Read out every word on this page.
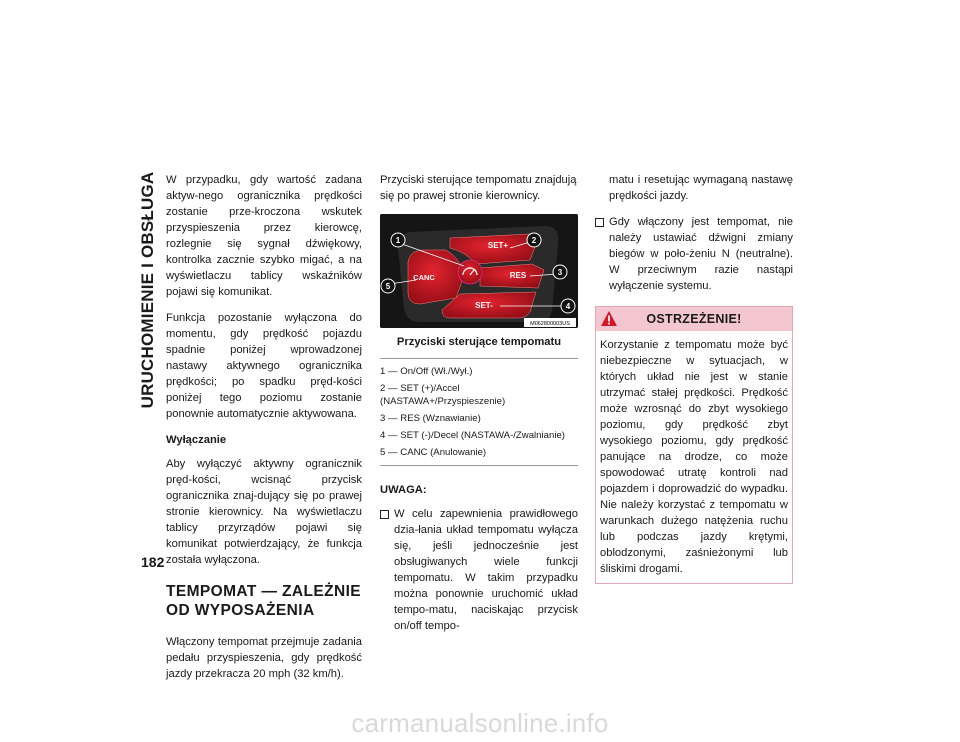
URUCHOMIENIE I OBSŁUGA
182

W przypadku, gdy wartość zadana aktyw-nego ogranicznika prędkości zostanie prze-kroczona wskutek przyspieszenia przez kierowcę, rozlegnie się sygnał dźwiękowy, kontrolka zacznie szybko migać, a na wyświetlaczu tablicy wskaźników pojawi się komunikat.

Funkcja pozostanie wyłączona do momentu, gdy prędkość pojazdu spadnie poniżej wprowadzonej nastawy aktywnego ogranicznika prędkości; po spadku pręd-kości poniżej tego poziomu zostanie ponownie automatycznie aktywowana.

Wyłączanie

Aby wyłączyć aktywny ogranicznik pręd-kości, wcisnąć przycisk ogranicznika znaj-dujący się po prawej stronie kierownicy. Na wyświetlaczu tablicy przyrządów pojawi się komunikat potwierdzający, że funkcja została wyłączona.

TEMPOMAT — ZALEŻNIE
OD WYPOSAŻENIA

Włączony tempomat przejmuje zadania pedału przyspieszenia, gdy prędkość jazdy przekracza 20 mph (32 km/h).

Przyciski sterujące tempomatu znajdują się po prawej stronie kierownicy.

SET+
RES
CANC
SET-
1	2
3
4
5
M062800003US
Przyciski sterujące tempomatu
1 — On/Off (Wł./Wył.)
2 — SET (+)/Accel (NASTAWA+/Przyspieszenie)
3 — RES (Wznawianie)
4 — SET (-)/Decel (NASTAWA-/Zwalnianie)
5 — CANC (Anulowanie)
UWAGA:
W celu zapewnienia prawidłowego dzia-łania układ tempomatu wyłącza się, jeśli jednocześnie jest obsługiwanych wiele funkcji tempomatu. W takim przypadku można ponownie uruchomić układ tempo-matu, naciskając przycisk on/off tempo-
matu i resetując wymaganą nastawę prędkości jazdy.
Gdy włączony jest tempomat, nie należy ustawiać dźwigni zmiany biegów w poło-żeniu N (neutralne). W przeciwnym razie nastąpi wyłączenie systemu.
OSTRZEŻENIE!
Korzystanie z tempomatu może być niebezpieczne w sytuacjach, w których układ nie jest w stanie utrzymać stałej prędkości. Prędkość może wzrosnąć do zbyt wysokiego poziomu, gdy prędkość zbyt wysokiego poziomu, gdy prędkość panujące na drodze, co może spowodować utratę kontroli nad pojazdem i doprowadzić do wypadku. Nie należy korzystać z tempomatu w warunkach dużego natężenia ruchu lub podczas jazdy krętymi, oblodzonymi, zaśnieżonymi lub śliskimi drogami.
carmanualsonline.info
